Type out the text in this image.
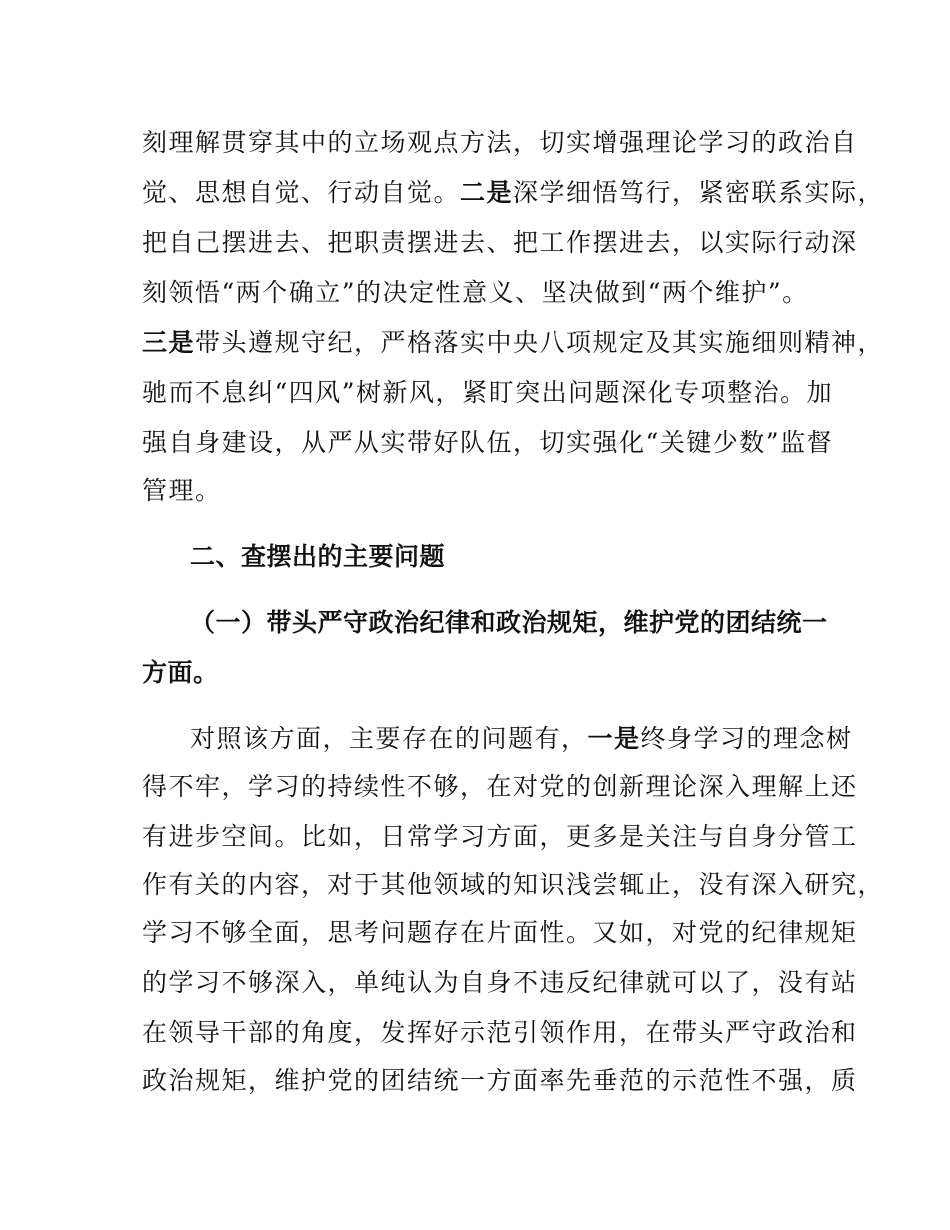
刻理解贯穿其中的立场观点方法，切实增强理论学习的政治自
觉、思想自觉、行动自觉。二是深学细悟笃行，紧密联系实际，
把自己摆进去、把职责摆进去、把工作摆进去，以实际行动深
刻领悟“两个确立”的决定性意义、坚决做到“两个维护”。
三是带头遵规守纪，严格落实中央八项规定及其实施细则精神，
驰而不息纠“四风”树新风，紧盯突出问题深化专项整治。加
强自身建设，从严从实带好队伍，切实强化“关键少数”监督
管理。
二、查摆出的主要问题
（一）带头严守政治纪律和政治规矩，维护党的团结统一
方面。
对照该方面，主要存在的问题有，一是终身学习的理念树
得不牢，学习的持续性不够，在对党的创新理论深入理解上还
有进步空间。比如，日常学习方面，更多是关注与自身分管工
作有关的内容，对于其他领域的知识浅尝辄止，没有深入研究，
学习不够全面，思考问题存在片面性。又如，对党的纪律规矩
的学习不够深入，单纯认为自身不违反纪律就可以了，没有站
在领导干部的角度，发挥好示范引领作用，在带头严守政治和
政治规矩，维护党的团结统一方面率先垂范的示范性不强，质
